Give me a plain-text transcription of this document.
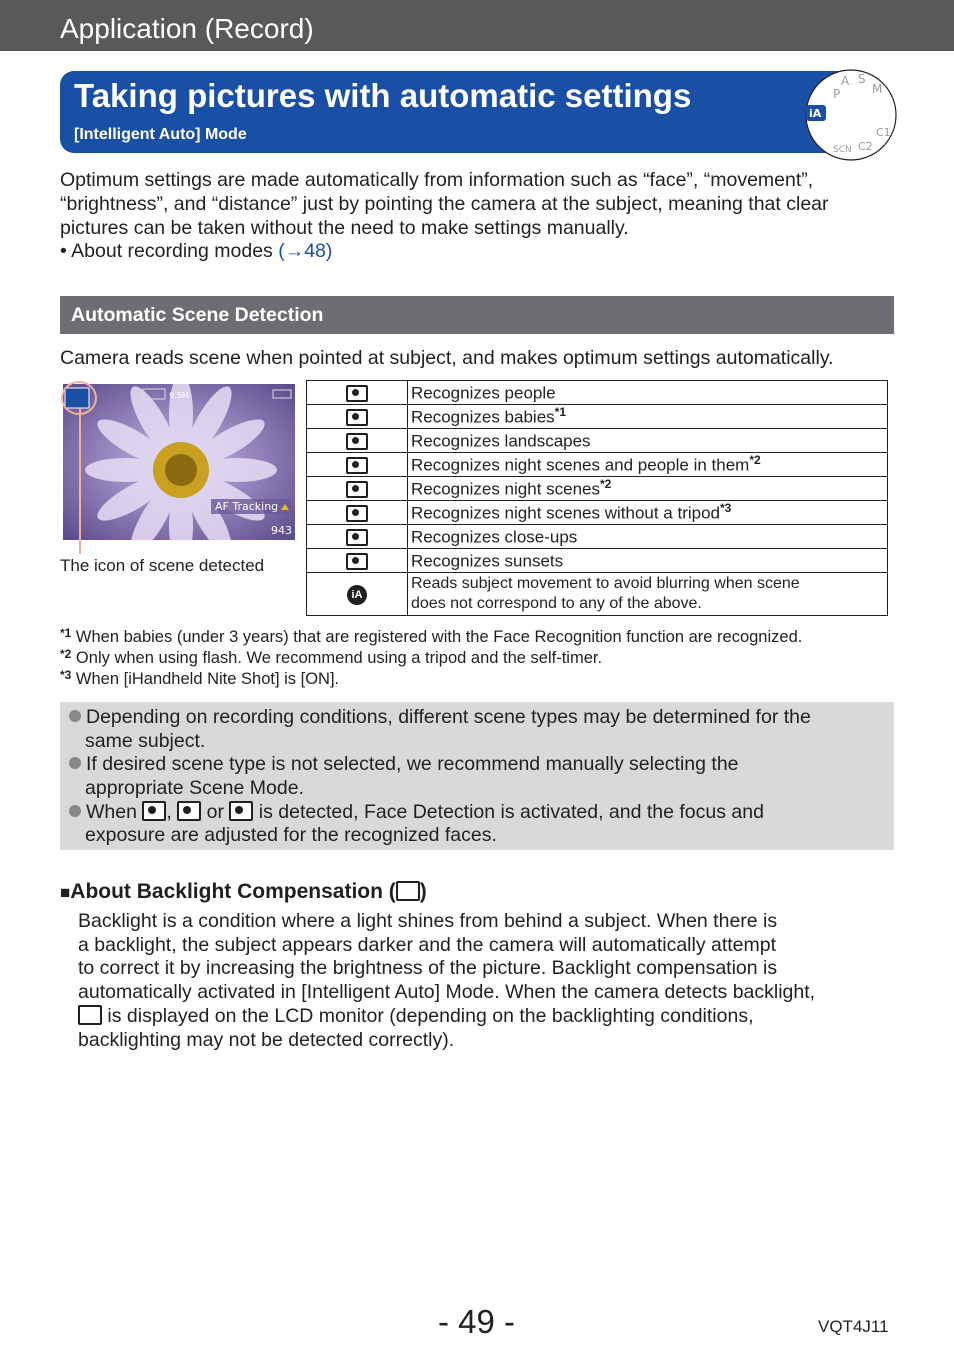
Application (Record)
Taking pictures with automatic settings
[Intelligent Auto] Mode
P
A S
M
C1
C2
SCN
iA
Optimum settings are made automatically from information such as “face”, “movement”,
“brightness”, and “distance” just by pointing the camera at the subject, meaning that clear
pictures can be taken without the need to make settings manually.
• About recording modes (→48)
Automatic Scene Detection
Camera reads scene when pointed at subject, and makes optimum settings automatically.
9.5M
AF Tracking
943
The icon of scene detected
	Recognizes people

	Recognizes babies$^{*1}$

	Recognizes landscapes

	Recognizes night scenes and people in them$^{*2}$

	Recognizes night scenes$^{*2}$

	Recognizes night scenes without a tripod$^{*3}$

	Recognizes close-ups

	Recognizes sunsets
iA	Reads subject movement to avoid blurring when scene
does not correspond to any of the above.
$^{*1}$ When babies (under 3 years) that are registered with the Face Recognition function are recognized.
$^{*2}$ Only when using flash. We recommend using a tripod and the self-timer.
$^{*3}$ When [iHandheld Nite Shot] is [ON].
Depending on recording conditions, different scene types may be determined for the
same subject.
If desired scene type is not selected, we recommend manually selecting the
appropriate Scene Mode.
When
,
or
is detected, Face Detection is activated, and the focus and
exposure are adjusted for the recognized faces.
■About Backlight Compensation ( )
Backlight is a condition where a light shines from behind a subject. When there is
a backlight, the subject appears darker and the camera will automatically attempt
to correct it by increasing the brightness of the picture. Backlight compensation is
automatically activated in [Intelligent Auto] Mode. When the camera detects backlight,
is displayed on the LCD monitor (depending on the backlighting conditions,
backlighting may not be detected correctly).
- 49 -	VQT4J11
